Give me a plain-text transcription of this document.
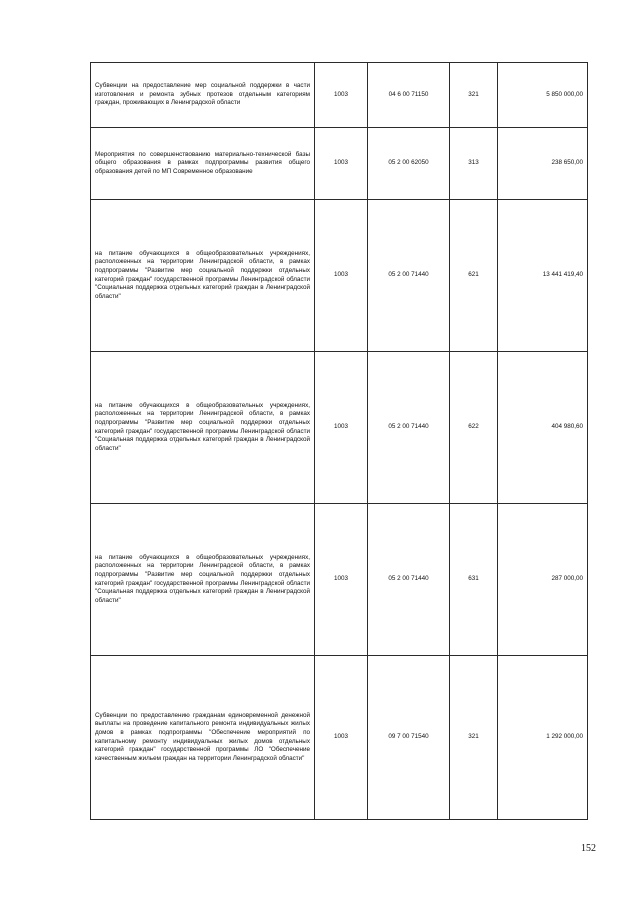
Субвенции на предоставление мер социальной поддержки в части изготовления и ремонта зубных протезов отдельным категориям граждан, проживающих в Ленинградской области	1003	04 6 00 71150	321	5 850 000,00
Мероприятия по совершенствованию материально-технической базы общего образования в рамках подпрограммы развития общего образования детей по МП Современное образование	1003	05 2 00 62050	313	238 650,00
на питание обучающихся в общеобразовательных учреждениях, расположенных на территории Ленинградской области, в рамках подпрограммы "Развитие мер социальной поддержки отдельных категорий граждан" государственной программы Ленинградской области "Социальная поддержка отдельных категорий граждан в Ленинградской области"	1003	05 2 00 71440	621	13 441 419,40
на питание обучающихся в общеобразовательных учреждениях, расположенных на территории Ленинградской области, в рамках подпрограммы "Развитие мер социальной поддержки отдельных категорий граждан" государственной программы Ленинградской области "Социальная поддержка отдельных категорий граждан в Ленинградской области"	1003	05 2 00 71440	622	404 980,60
на питание обучающихся в общеобразовательных учреждениях, расположенных на территории Ленинградской области, в рамках подпрограммы "Развитие мер социальной поддержки отдельных категорий граждан" государственной программы Ленинградской области "Социальная поддержка отдельных категорий граждан в Ленинградской области"	1003	05 2 00 71440	631	287 000,00
Субвенции по предоставлению гражданам единовременной денежной выплаты на проведение капитального ремонта индивидуальных жилых домов в рамках подпрограммы "Обеспечение мероприятий по капитальному ремонту индивидуальных жилых домов отдельных категорий граждан" государственной программы ЛО "Обеспечение качественным жильем граждан на территории Ленинградской области"	1003	09 7 00 71540	321	1 292 000,00
152
